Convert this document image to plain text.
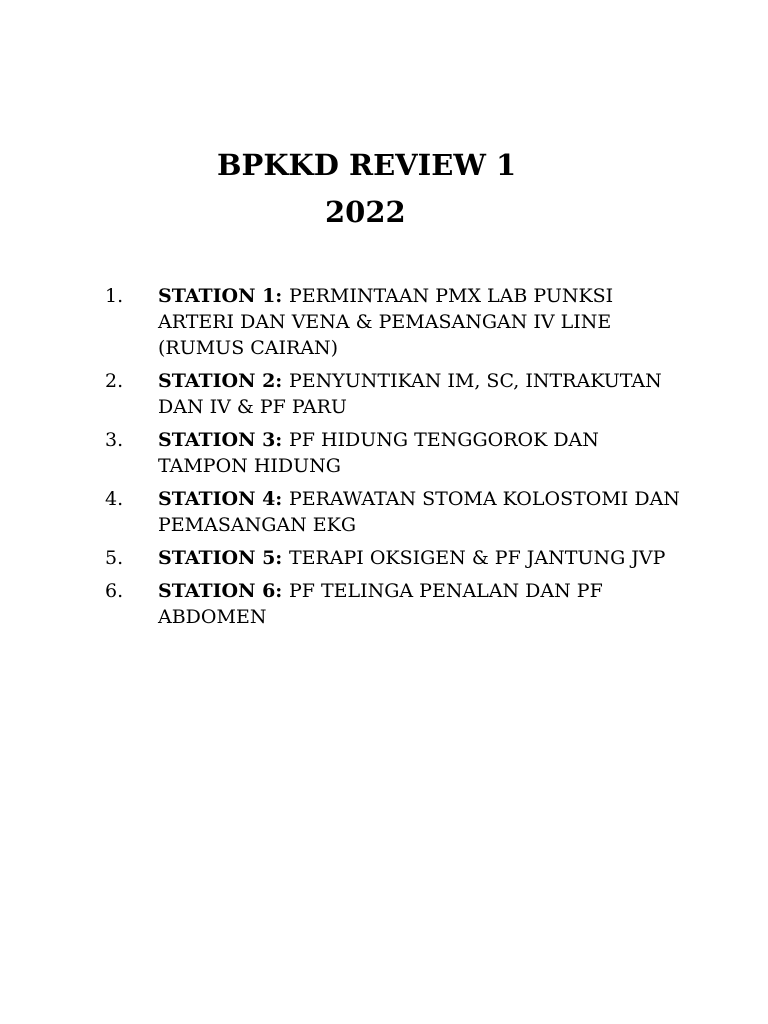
BPKKD REVIEW 1
2022
1. STATION 1: PERMINTAAN PMX LAB PUNKSI ARTERI DAN VENA & PEMASANGAN IV LINE (RUMUS CAIRAN)
2. STATION 2: PENYUNTIKAN IM, SC, INTRAKUTAN DAN IV & PF PARU
3. STATION 3: PF HIDUNG TENGGOROK DAN TAMPON HIDUNG
4. STATION 4: PERAWATAN STOMA KOLOSTOMI DAN PEMASANGAN EKG
5. STATION 5: TERAPI OKSIGEN & PF JANTUNG JVP
6. STATION 6: PF TELINGA PENALAN DAN PF ABDOMEN
